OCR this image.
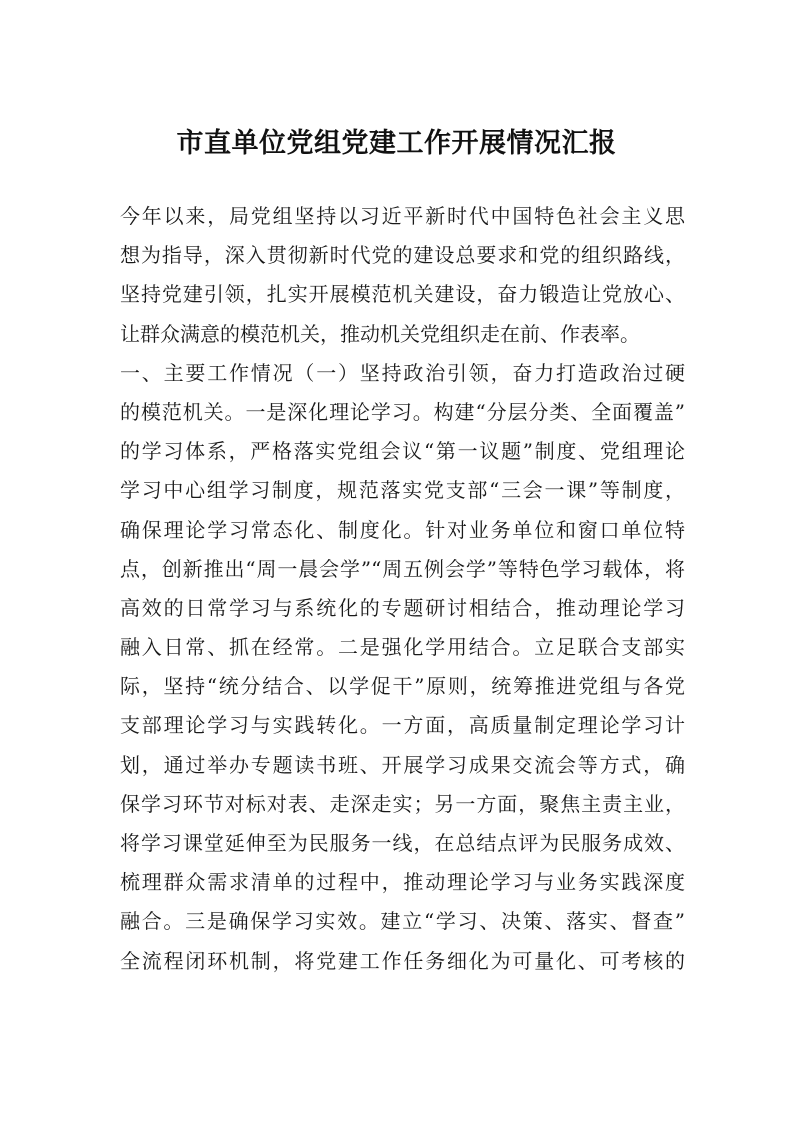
市直单位党组党建工作开展情况汇报
今年以来，局党组坚持以习近平新时代中国特色社会主义思
想为指导，深入贯彻新时代党的建设总要求和党的组织路线，
坚持党建引领，扎实开展模范机关建设，奋力锻造让党放心、
让群众满意的模范机关，推动机关党组织走在前、作表率。
一、主要工作情况（一）坚持政治引领，奋力打造政治过硬
的模范机关。一是深化理论学习。构建“分层分类、全面覆盖”
的学习体系，严格落实党组会议“第一议题”制度、党组理论
学习中心组学习制度，规范落实党支部“三会一课”等制度，
确保理论学习常态化、制度化。针对业务单位和窗口单位特
点，创新推出“周一晨会学”“周五例会学”等特色学习载体，将
高效的日常学习与系统化的专题研讨相结合，推动理论学习
融入日常、抓在经常。二是强化学用结合。立足联合支部实
际，坚持“统分结合、以学促干”原则，统筹推进党组与各党
支部理论学习与实践转化。一方面，高质量制定理论学习计
划，通过举办专题读书班、开展学习成果交流会等方式，确
保学习环节对标对表、走深走实；另一方面，聚焦主责主业，
将学习课堂延伸至为民服务一线，在总结点评为民服务成效、
梳理群众需求清单的过程中，推动理论学习与业务实践深度
融合。三是确保学习实效。建立“学习、决策、落实、督查”
全流程闭环机制，将党建工作任务细化为可量化、可考核的
